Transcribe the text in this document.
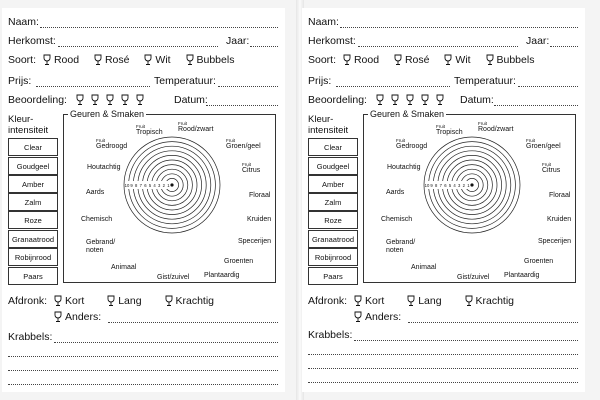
Naam:
Herkomst:	Jaar:
Soort: Rood Rosé Wit Bubbels
Prijs:	Temperatuur:
Beoordeling:	Datum:
Kleur-
intensiteit
Clear
Goudgeel
Amber
Zalm
Roze
Granaatrood
Robijnrood
Paars
Geuren & Smaken
Fruit
Tropisch
Fruit
Rood/zwart
Fruit
Gedroogd
Fruit
Groen/geel
Houtachtig	Fruit
Citrus
Aards	Floraal
Chemisch	Kruiden
Gebrand/
noten
Specerijen
Animaal
Groenten
Gist/zuivel Plantaardig
10 9 8 7 6 5 4 3 2 1
Afdronk: Kort	Lang	Krachtig
Anders:
Krabbels:
Naam:
Herkomst:	Jaar:
Soort: Rood Rosé Wit Bubbels
Prijs:	Temperatuur:
Beoordeling:	Datum:
Kleur-
intensiteit
Clear
Goudgeel
Amber
Zalm
Roze
Granaatrood
Robijnrood
Paars
Geuren & Smaken
Fruit
Tropisch
Fruit
Rood/zwart
Fruit
Gedroogd
Fruit
Groen/geel
Houtachtig	Fruit
Citrus
Aards	Floraal
Chemisch	Kruiden
Gebrand/
noten
Specerijen
Animaal
Groenten
Gist/zuivel Plantaardig
10 9 8 7 6 5 4 3 2 1
Afdronk: Kort	Lang	Krachtig
Anders:
Krabbels:
